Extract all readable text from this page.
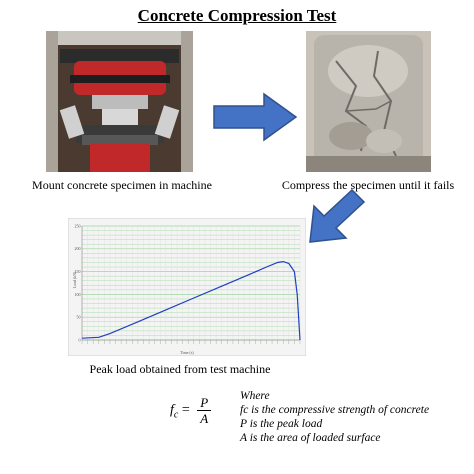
Concrete Compression Test
Mount concrete specimen in machine	Compress the specimen until it fails
0
50
100
150
200
250
Load (kN)
Time (s)
Peak load obtained from test machine
$f_c = \frac{P}{A}$	Where
fc is the compressive strength of concrete
P is the peak load
A is the area of loaded surface
